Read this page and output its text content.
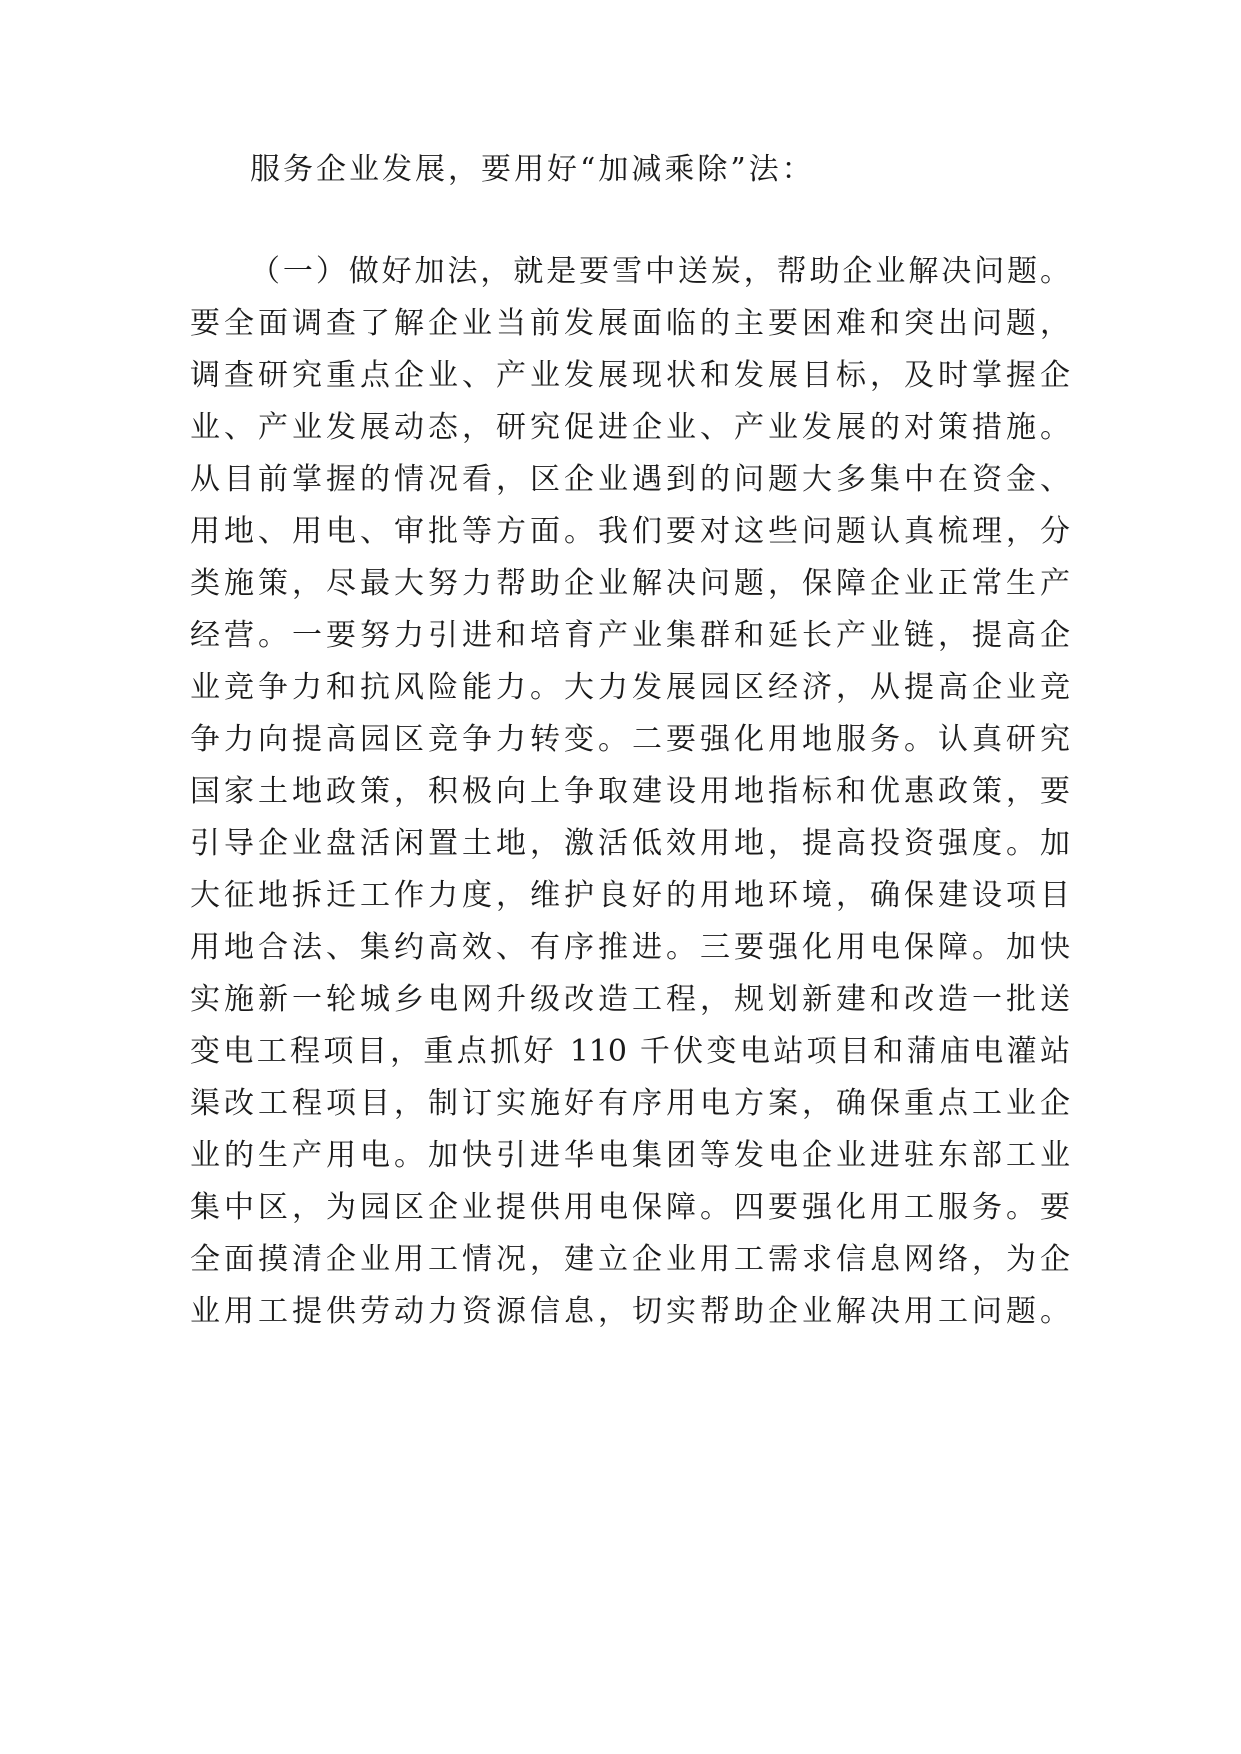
服务企业发展，要用好“加减乘除”法：
（一）做好加法，就是要雪中送炭，帮助企业解决问题。
要全面调查了解企业当前发展面临的主要困难和突出问题，
调查研究重点企业、产业发展现状和发展目标，及时掌握企
业、产业发展动态，研究促进企业、产业发展的对策措施。
从目前掌握的情况看，区企业遇到的问题大多集中在资金、
用地、用电、审批等方面。我们要对这些问题认真梳理，分
类施策，尽最大努力帮助企业解决问题，保障企业正常生产
经营。一要努力引进和培育产业集群和延长产业链，提高企
业竞争力和抗风险能力。大力发展园区经济，从提高企业竞
争力向提高园区竞争力转变。二要强化用地服务。认真研究
国家土地政策，积极向上争取建设用地指标和优惠政策，要
引导企业盘活闲置土地，激活低效用地，提高投资强度。加
大征地拆迁工作力度，维护良好的用地环境，确保建设项目
用地合法、集约高效、有序推进。三要强化用电保障。加快
实施新一轮城乡电网升级改造工程，规划新建和改造一批送
变电工程项目，重点抓好 110 千伏变电站项目和蒲庙电灌站
渠改工程项目，制订实施好有序用电方案，确保重点工业企
业的生产用电。加快引进华电集团等发电企业进驻东部工业
集中区，为园区企业提供用电保障。四要强化用工服务。要
全面摸清企业用工情况，建立企业用工需求信息网络，为企
业用工提供劳动力资源信息，切实帮助企业解决用工问题。
